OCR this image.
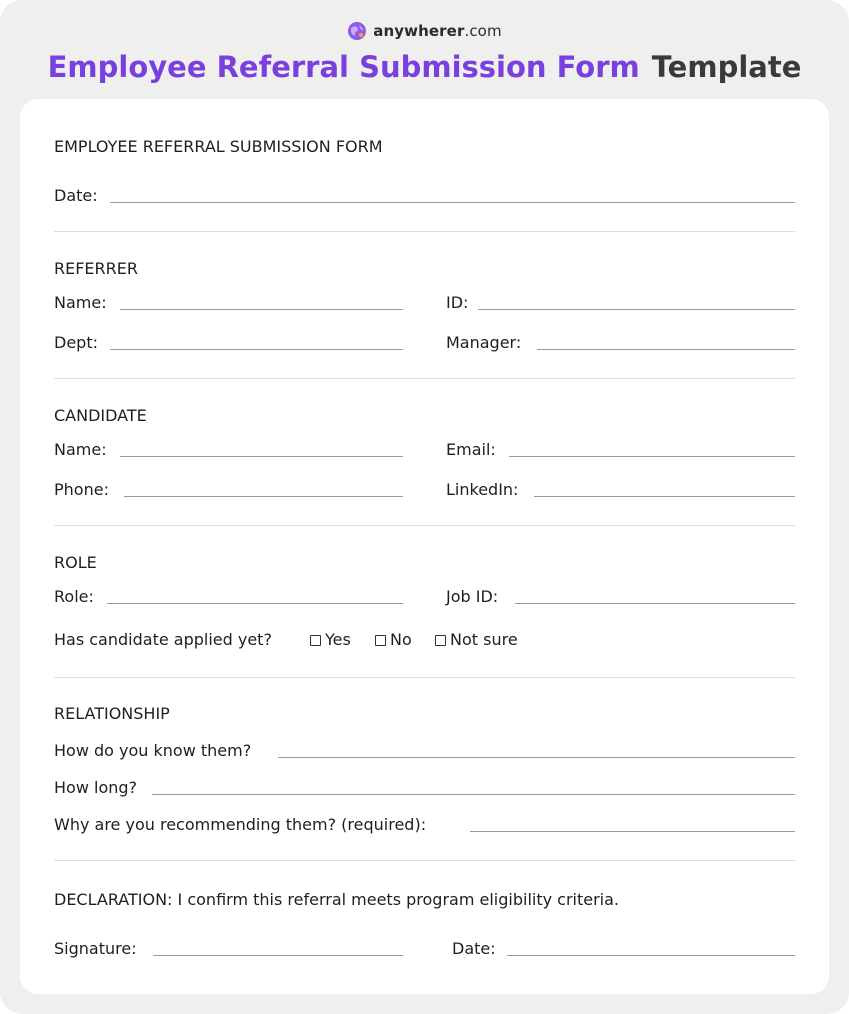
anywherer.com
Employee Referral Submission Form Template
EMPLOYEE REFERRAL SUBMISSION FORM
Date:
REFERRER
Name:	ID:
Dept:	Manager:
CANDIDATE
Name:	Email:
Phone:	LinkedIn:
ROLE
Role:	Job ID:
Has candidate applied yet?	Yes No Not sure
RELATIONSHIP
How do you know them?
How long?
Why are you recommending them? (required):
DECLARATION: I confirm this referral meets program eligibility criteria.
Signature:	Date:
